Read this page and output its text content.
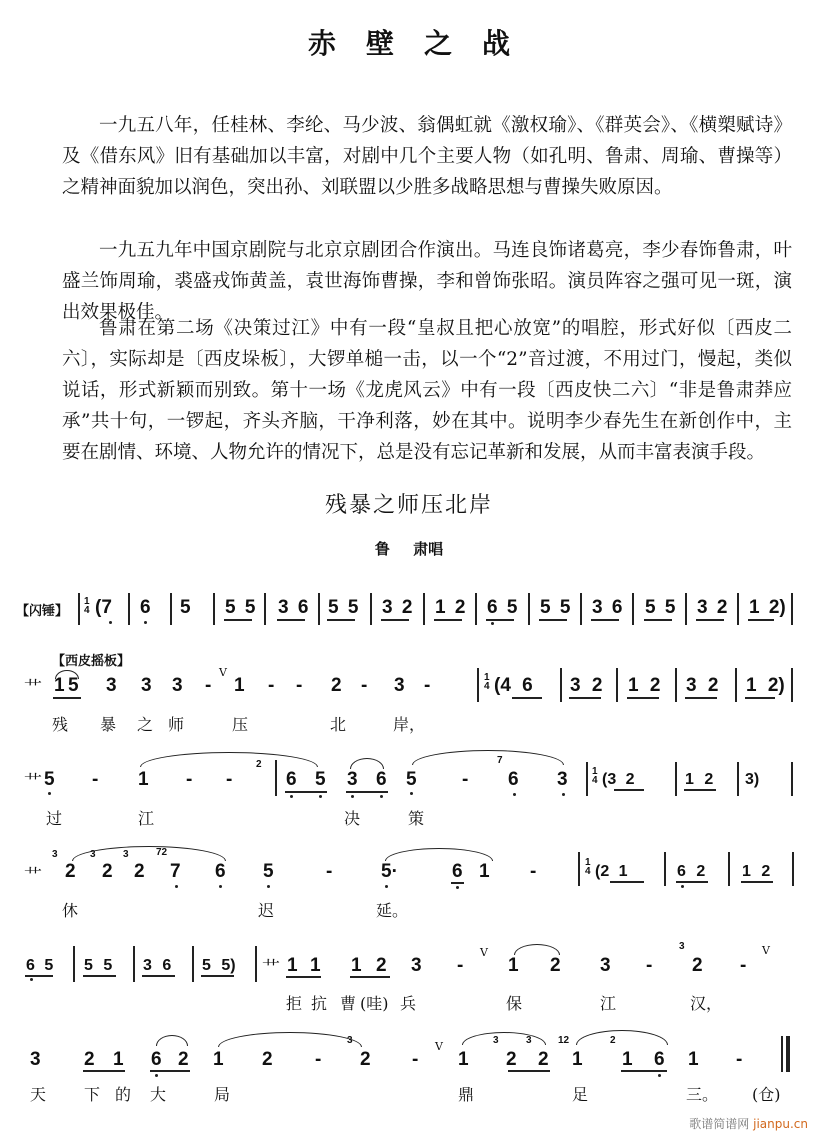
赤壁之战
一九五八年，任桂林、李纶、马少波、翁偶虹就《激权瑜》、《群英会》、《横槊赋诗》及《借东风》旧有基础加以丰富，对剧中几个主要人物（如孔明、鲁肃、周瑜、曹操等）之精神面貌加以润色，突出孙、刘联盟以少胜多战略思想与曹操失败原因。
一九五九年中国京剧院与北京京剧团合作演出。马连良饰诸葛亮，李少春饰鲁肃，叶盛兰饰周瑜，裘盛戎饰黄盖，袁世海饰曹操，李和曾饰张昭。演员阵容之强可见一斑，演出效果极佳。
鲁肃在第二场《决策过江》中有一段“皇叔且把心放宽”的唱腔，形式好似〔西皮二六〕，实际却是〔西皮垛板〕，大锣单槌一击，以一个“2”音过渡，不用过门，慢起，类似说话，形式新颖而别致。第十一场《龙虎风云》中有一段〔西皮快二六〕“非是鲁肃莽应承”共十句，一锣起，齐头齐脑，干净利落，妙在其中。说明李少春先生在新创作中，主要在剧情、环境、人物允许的情况下，总是没有忘记革新和发展，从而丰富表演手段。
残暴之师压北岸
鲁 肃唱
【闪锤】
1
4 (7 6 5 5 5 3 6 5 5 3 2 1 2 6 5 5 5 3 6 5 5 3 2 1 2)
【西皮摇板】
艹 1 5 3 3 3 -
V
1 - - 2 - 3 -	1
4 (4 6 3 2 1 2 3 2 1 2)
残 暴 之 师	压	北	岸，
艹 5 - 1 - -
2
6 5 3 6 5 -
7
6 3 1
4 (3 2	1 2 3)
过	江	决	策
艹
3
2
3
2
3
2
72
7 6 5	-	5·	6 1 -	1
4 (2 1	6 2 1 2
休	迟	延。
6 5 5 5 3 6 5 5) 艹 1 1 1 2 3 -
V
1 2 3 -
3
2 -
V
拒 抗 曹 (哇) 兵	保	江	汉，
3 2 1 6 2 1 2 -
3
2 -
V
1
3
2
3
2
12
1
2
1 6 1 -
天 下 的 大	局	鼎	足	三。 (仓)
歌谱简谱网 jianpu.cn
